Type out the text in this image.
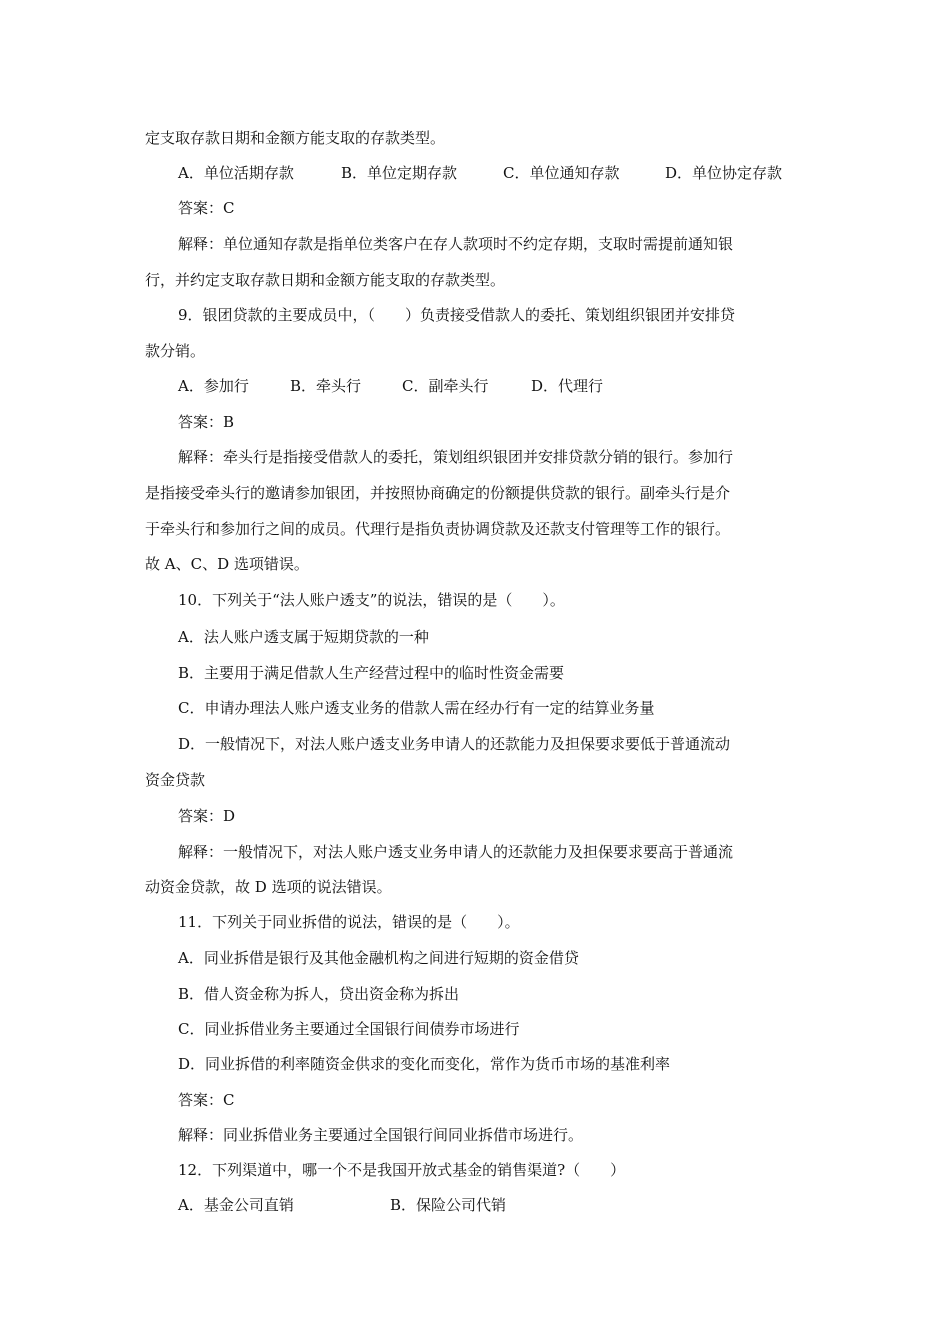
定支取存款日期和金额方能支取的存款类型。
A．单位活期存款	B．单位定期存款	C．单位通知存款	D．单位协定存款
答案：C
解释：单位通知存款是指单位类客户在存人款项时不约定存期，支取时需提前通知银
行，并约定支取存款日期和金额方能支取的存款类型。
9．银团贷款的主要成员中，（　　）负责接受借款人的委托、策划组织银团并安排贷
款分销。
A．参加行	B．牵头行	C．副牵头行	D．代理行
答案：B
解释：牵头行是指接受借款人的委托，策划组织银团并安排贷款分销的银行。参加行
是指接受牵头行的邀请参加银团，并按照协商确定的份额提供贷款的银行。副牵头行是介
于牵头行和参加行之间的成员。代理行是指负责协调贷款及还款支付管理等工作的银行。
故 A、C、D 选项错误。
10．下列关于“法人账户透支”的说法，错误的是（　　）。
A．法人账户透支属于短期贷款的一种
B．主要用于满足借款人生产经营过程中的临时性资金需要
C．申请办理法人账户透支业务的借款人需在经办行有一定的结算业务量
D．一般情况下，对法人账户透支业务申请人的还款能力及担保要求要低于普通流动
资金贷款
答案：D
解释：一般情况下，对法人账户透支业务申请人的还款能力及担保要求要高于普通流
动资金贷款，故 D 选项的说法错误。
11．下列关于同业拆借的说法，错误的是（　　）。
A．同业拆借是银行及其他金融机构之间进行短期的资金借贷
B．借人资金称为拆人，贷出资金称为拆出
C．同业拆借业务主要通过全国银行间债券市场进行
D．同业拆借的利率随资金供求的变化而变化，常作为货币市场的基准利率
答案：C
解释：同业拆借业务主要通过全国银行间同业拆借市场进行。
12．下列渠道中，哪一个不是我国开放式基金的销售渠道?（　　）
A．基金公司直销	B．保险公司代销
